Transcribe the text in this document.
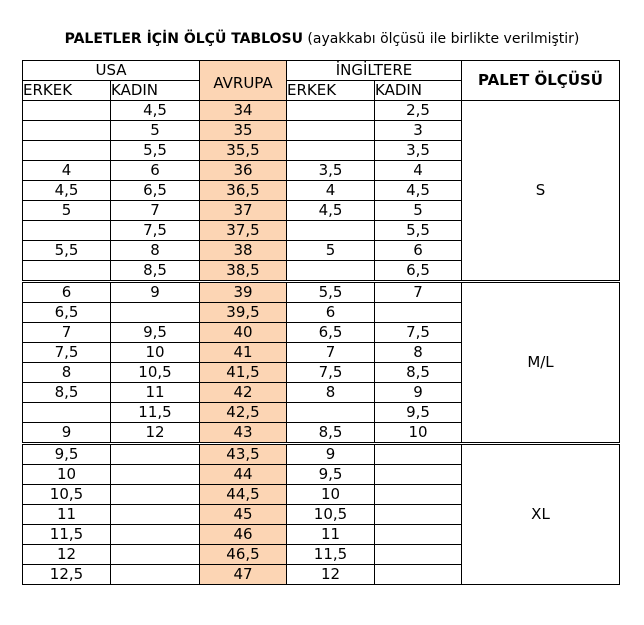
PALETLER İÇİN ÖLÇÜ TABLOSU (ayakkabı ölçüsü ile birlikte verilmiştir)
USA		AVRUPA	İNGİLTERE		PALET ÖLÇÜSÜ
ERKEK	KADIN		ERKEK	KADIN	
	4,5	34		2,5	S
	5	35		3	
	5,5	35,5		3,5	
4	6	36	3,5	4	
4,5	6,5	36,5	4	4,5	
5	7	37	4,5	5	
	7,5	37,5		5,5	
5,5	8	38	5	6	
	8,5	38,5		6,5	
6	9	39	5,5	7	M/L
6,5		39,5	6		
7	9,5	40	6,5	7,5	
7,5	10	41	7	8	
8	10,5	41,5	7,5	8,5	
8,5	11	42	8	9	
	11,5	42,5		9,5	
9	12	43	8,5	10	
9,5		43,5	9		XL
10		44	9,5		
10,5		44,5	10		
11		45	10,5		
11,5		46	11		
12		46,5	11,5		
12,5		47	12		
